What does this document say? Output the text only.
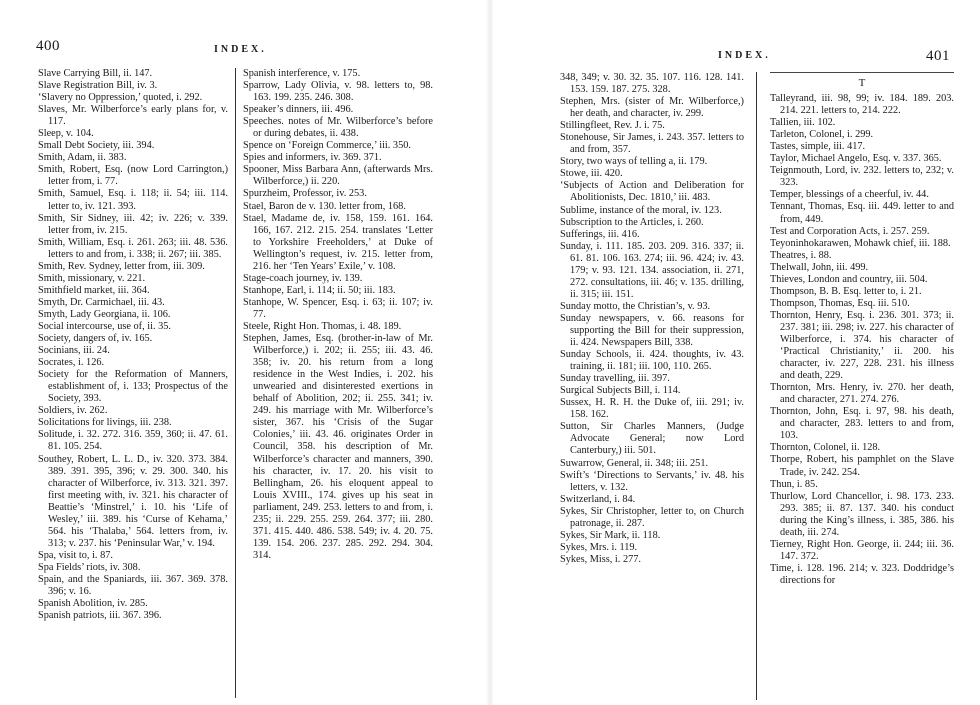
400	INDEX.

Slave Carrying Bill, ii. 147.

Slave Registration Bill, iv. 3.

‘Slavery no Oppression,’ quoted, i. 292.

Slaves, Mr. Wilberforce’s early plans for, v. 117.

Sleep, v. 104.

Small Debt Society, iii. 394.

Smith, Adam, ii. 383.

Smith, Robert, Esq. (now Lord Carrington,) letter from, i. 77.

Smith, Samuel, Esq. i. 118; ii. 54; iii. 114. letter to, iv. 121. 393.

Smith, Sir Sidney, iii. 42; iv. 226; v. 339. letter from, iv. 215.

Smith, William, Esq. i. 261. 263; iii. 48. 536. letters to and from, i. 338; ii. 267; iii. 385.

Smith, Rev. Sydney, letter from, iii. 309.

Smith, missionary, v. 221.

Smithfield market, iii. 364.

Smyth, Dr. Carmichael, iii. 43.

Smyth, Lady Georgiana, ii. 106.

Social intercourse, use of, ii. 35.

Society, dangers of, iv. 165.

Socinians, iii. 24.

Socrates, i. 126.

Society for the Reformation of Manners, establishment of, i. 133; Prospectus of the Society, 393.

Soldiers, iv. 262.

Solicitations for livings, iii. 238.

Solitude, i. 32. 272. 316. 359, 360; ii. 47. 61. 81. 105. 254.

Southey, Robert, L. L. D., iv. 320. 373. 384. 389. 391. 395, 396; v. 29. 300. 340. his character of Wilberforce, iv. 313. 321. 397. first meeting with, iv. 321. his character of Beattie’s ‘Minstrel,’ i. 10. his ‘Life of Wesley,’ iii. 389. his ‘Curse of Kehama,’ 564. his ‘Thalaba,’ 564. letters from, iv. 313; v. 237. his ‘Peninsular War,’ v. 194.

Spa, visit to, i. 87.

Spa Fields’ riots, iv. 308.

Spain, and the Spaniards, iii. 367. 369. 378. 396; v. 16.

Spanish Abolition, iv. 285.

Spanish patriots, iii. 367. 396.

Spanish interference, v. 175.

Sparrow, Lady Olivia, v. 98. letters to, 98. 163. 199. 235. 246. 308.

Speaker’s dinners, iii. 496.

Speeches. notes of Mr. Wilberforce’s before or during debates, ii. 438.

Spence on ‘Foreign Commerce,’ iii. 350.

Spies and informers, iv. 369. 371.

Spooner, Miss Barbara Ann, (afterwards Mrs. Wilberforce,) ii. 220.

Spurzheim, Professor, iv. 253.

Stael, Baron de v. 130. letter from, 168.

Stael, Madame de, iv. 158, 159. 161. 164. 166, 167. 212. 215. 254. translates ‘Letter to Yorkshire Freeholders,’ at Duke of Wellington’s request, iv. 215. letter from, 216. her ‘Ten Years’ Exile,’ v. 108.

Stage-coach journey, iv. 139.

Stanhope, Earl, i. 114; ii. 50; iii. 183.

Stanhope, W. Spencer, Esq. i. 63; ii. 107; iv. 77.

Steele, Right Hon. Thomas, i. 48. 189.

Stephen, James, Esq. (brother-in-law of Mr. Wilberforce,) i. 202; ii. 255; iii. 43. 46. 358; iv. 20. his return from a long residence in the West Indies, i. 202. his unwearied and disinterested exertions in behalf of Abolition, 202; ii. 255. 341; iv. 249. his marriage with Mr. Wilberforce’s sister, 367. his ‘Crisis of the Sugar Colonies,’ iii. 43. 46. originates Order in Council, 358. his description of Mr. Wilberforce’s character and manners, 390. his character, iv. 17. 20. his visit to Bellingham, 26. his eloquent appeal to Louis XVIII., 174. gives up his seat in parliament, 249. 253. letters to and from, i. 235; ii. 229. 255. 259. 264. 377; iii. 280. 371. 415. 440. 486. 538. 549; iv. 4. 20. 75. 139. 154. 206. 237. 285. 292. 294. 304. 314.

401
INDEX.

348, 349; v. 30. 32. 35. 107. 116. 128. 141. 153. 159. 187. 275. 328.

Stephen, Mrs. (sister of Mr. Wilberforce,) her death, and character, iv. 299.

Stillingfleet, Rev. J. i. 75.

Stonehouse, Sir James, i. 243. 357. letters to and from, 357.

Story, two ways of telling a, ii. 179.

Stowe, iii. 420.

‘Subjects of Action and Deliberation for Abolitionists, Dec. 1810,’ iii. 483.

Sublime, instance of the moral, iv. 123.

Subscription to the Articles, i. 260.

Sufferings, iii. 416.

Sunday, i. 111. 185. 203. 209. 316. 337; ii. 61. 81. 106. 163. 274; iii. 96. 424; iv. 43. 179; v. 93. 121. 134. association, ii. 271, 272. consultations, iii. 46; v. 135. drilling, ii. 315; iii. 151.

Sunday motto, the Christian’s, v. 93.

Sunday newspapers, v. 66. reasons for supporting the Bill for their suppression, ii. 424. Newspapers Bill, 338.

Sunday Schools, ii. 424. thoughts, iv. 43. training, ii. 181; iii. 100, 110. 265.

Sunday travelling, iii. 397.

Surgical Subjects Bill, i. 114.

Sussex, H. R. H. the Duke of, iii. 291; iv. 158. 162.

Sutton, Sir Charles Manners, (Judge Advocate General; now Lord Canterbury,) iii. 501.

Suwarrow, General, ii. 348; iii. 251.

Swift’s ‘Directions to Servants,’ iv. 48. his letters, v. 132.

Switzerland, i. 84.

Sykes, Sir Christopher, letter to, on Church patronage, ii. 287.

Sykes, Sir Mark, ii. 118.

Sykes, Mrs. i. 119.

Sykes, Miss, i. 277.

T

Talleyrand, iii. 98, 99; iv. 184. 189. 203. 214. 221. letters to, 214. 222.

Tallien, iii. 102.

Tarleton, Colonel, i. 299.

Tastes, simple, iii. 417.

Taylor, Michael Angelo, Esq. v. 337. 365.

Teignmouth, Lord, iv. 232. letters to, 232; v. 323.

Temper, blessings of a cheerful, iv. 44.

Tennant, Thomas, Esq. iii. 449. letter to and from, 449.

Test and Corporation Acts, i. 257. 259.

Teyoninhokarawen, Mohawk chief, iii. 188.

Theatres, i. 88.

Thelwall, John, iii. 499.

Thieves, London and country, iii. 504.

Thompson, B. B. Esq. letter to, i. 21.

Thompson, Thomas, Esq. iii. 510.

Thornton, Henry, Esq. i. 236. 301. 373; ii. 237. 381; iii. 298; iv. 227. his character of Wilberforce, i. 374. his character of ‘Practical Christianity,’ ii. 200. his character, iv. 227, 228. 231. his illness and death, 229.

Thornton, Mrs. Henry, iv. 270. her death, and character, 271. 274. 276.

Thornton, John, Esq. i. 97, 98. his death, and character, 283. letters to and from, 103.

Thornton, Colonel, ii. 128.

Thorpe, Robert, his pamphlet on the Slave Trade, iv. 242. 254.

Thun, i. 85.

Thurlow, Lord Chancellor, i. 98. 173. 233. 293. 385; ii. 87. 137. 340. his conduct during the King’s illness, i. 385, 386. his death, iii. 274.

Tierney, Right Hon. George, ii. 244; iii. 36. 147. 372.

Time, i. 128. 196. 214; v. 323. Doddridge’s directions for
